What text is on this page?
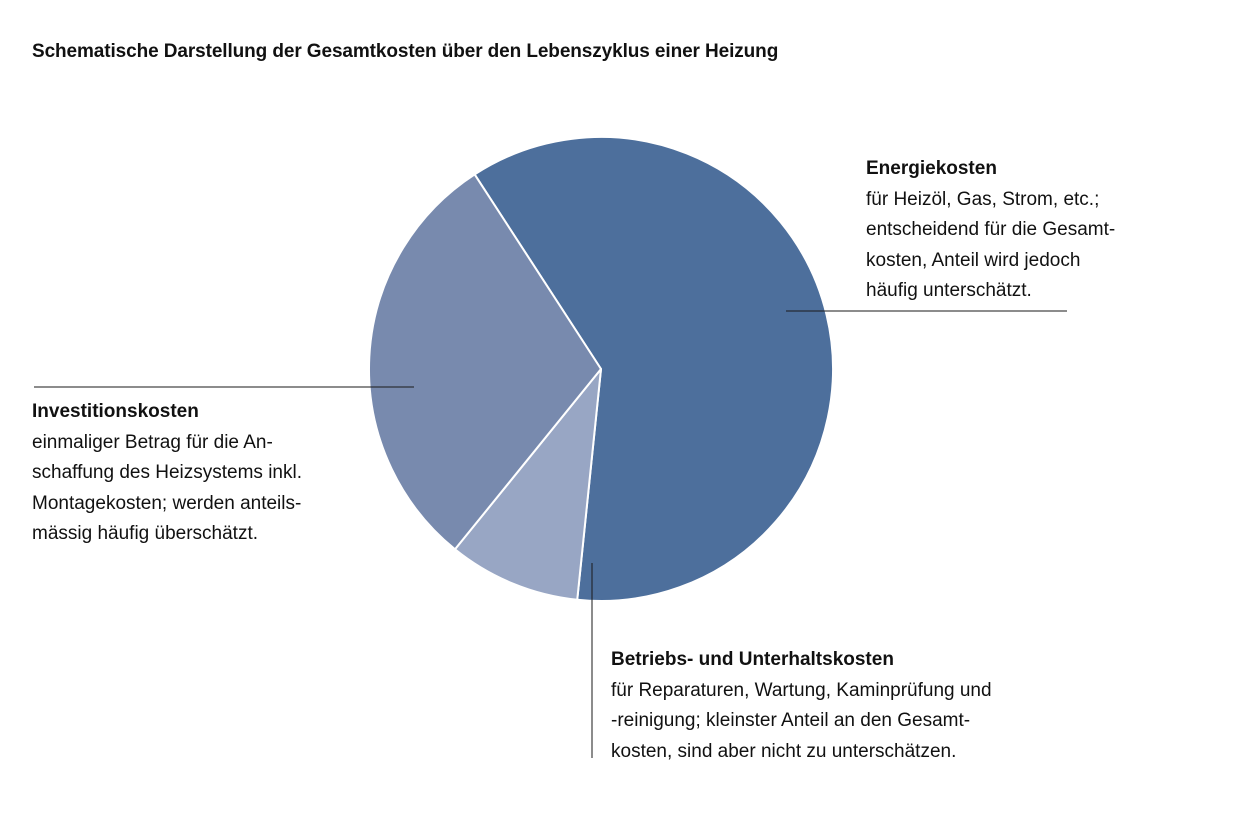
Schematische Darstellung der Gesamtkosten über den Lebenszyklus einer Heizung
Energiekosten
für Heizöl, Gas, Strom, etc.;
entscheidend für die Gesamt-
kosten, Anteil wird jedoch
häufig unterschätzt.
Investitionskosten
einmaliger Betrag für die An-
schaffung des Heizsystems inkl.
Montagekosten; werden anteils-
mässig häufig überschätzt.
Betriebs- und Unterhaltskosten
für Reparaturen, Wartung, Kaminprüfung und
-reinigung; kleinster Anteil an den Gesamt-
kosten, sind aber nicht zu unterschätzen.
